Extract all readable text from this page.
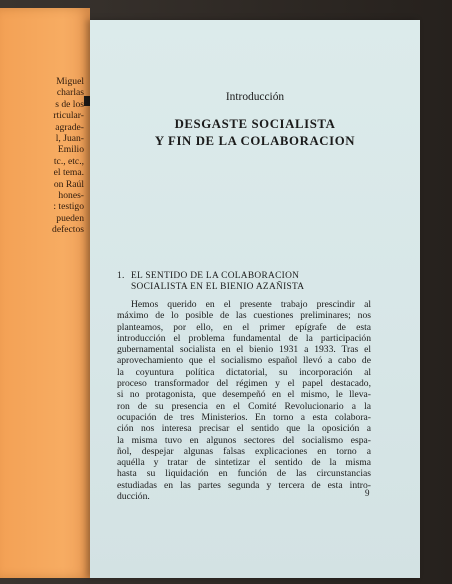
Miguel
charlas
s de los
rticular-
agrade-
l, Juan-
Emilio
tc., etc.,
el tema.
on Raúl
hones-
: testigo
pueden
defectos

Introducción

DESGASTE SOCIALISTA
Y FIN DE LA COLABORACION
1. EL SENTIDO DE LA COLABORACION
SOCIALISTA EN EL BIENIO AZAÑISTA

Hemos querido en el presente trabajo prescindir al
máximo de lo posible de las cuestiones preliminares; nos
planteamos, por ello, en el primer epígrafe de esta
introducción el problema fundamental de la participación
gubernamental socialista en el bienio 1931 a 1933. Tras el
aprovechamiento que el socialismo español llevó a cabo de
la coyuntura política dictatorial, su incorporación al
proceso transformador del régimen y el papel destacado,
si no protagonista, que desempeñó en el mismo, le lleva-
ron de su presencia en el Comité Revolucionario a la
ocupación de tres Ministerios. En torno a esta colabora-
ción nos interesa precisar el sentido que la oposición a
la misma tuvo en algunos sectores del socialismo espa-
ñol, despejar algunas falsas explicaciones en torno a
aquélla y tratar de sintetizar el sentido de la misma
hasta su liquidación en función de las circunstancias
estudiadas en las partes segunda y tercera de esta intro-
ducción.	9
